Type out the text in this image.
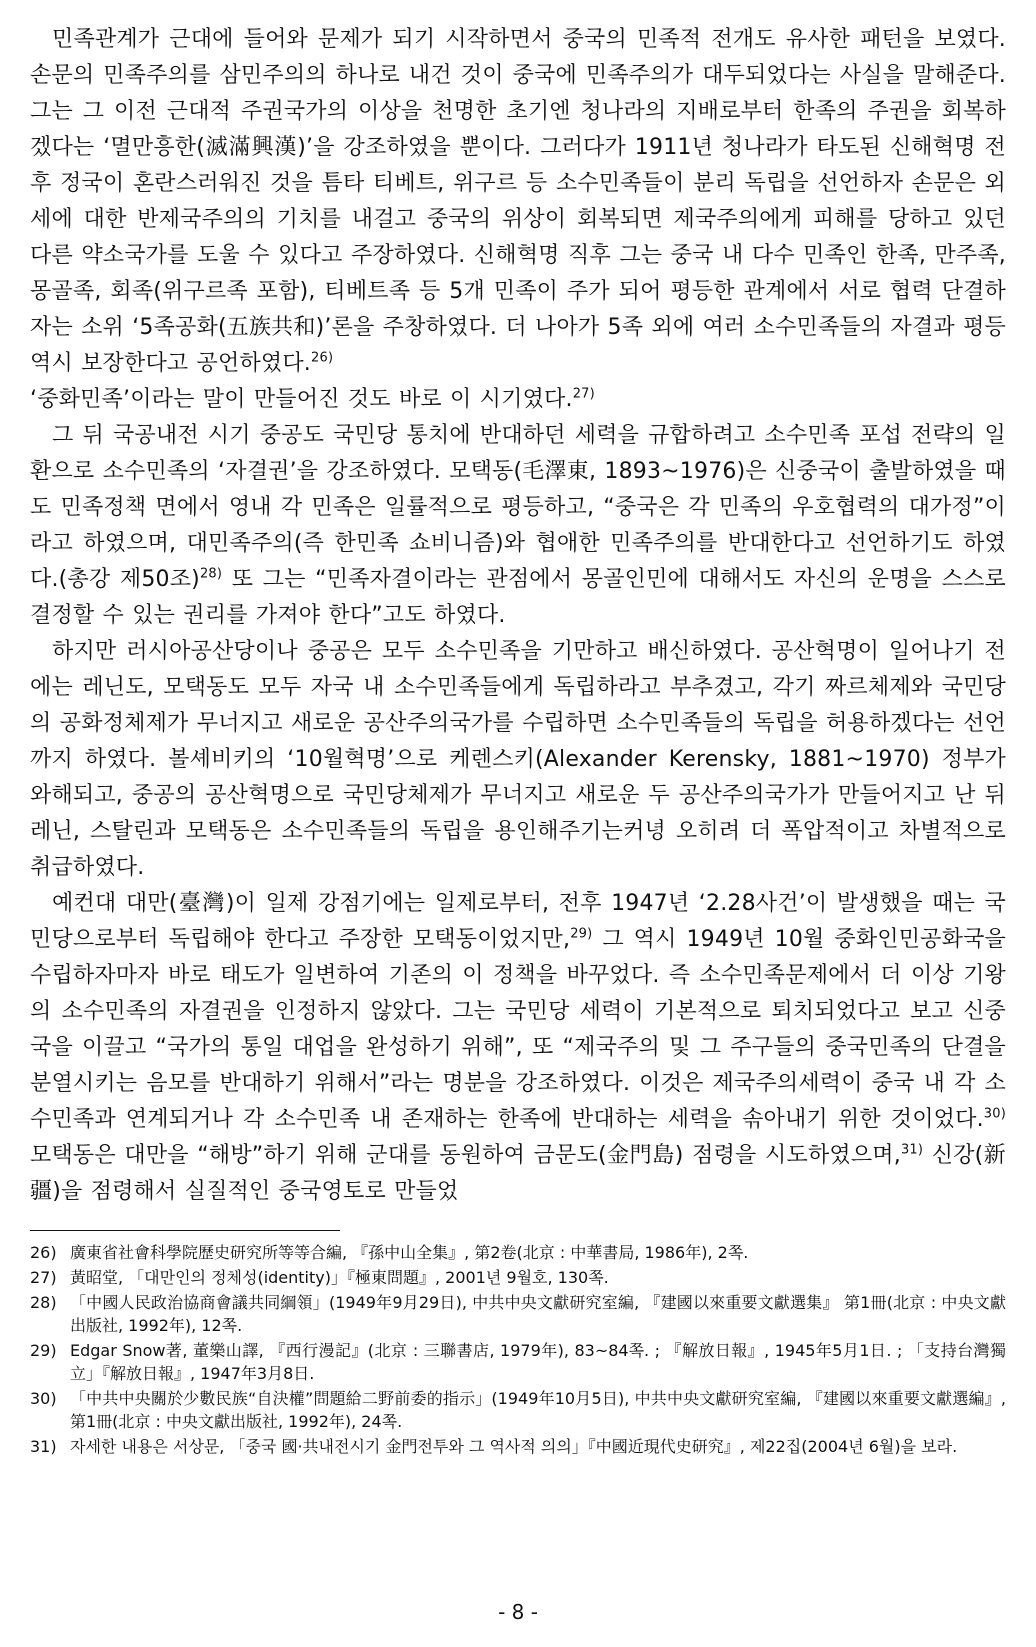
민족관계가 근대에 들어와 문제가 되기 시작하면서 중국의 민족적 전개도 유사한 패턴을 보였다. 손문의 민족주의를 삼민주의의 하나로 내건 것이 중국에 민족주의가 대두되었다는 사실을 말해준다. 그는 그 이전 근대적 주권국가의 이상을 천명한 초기엔 청나라의 지배로부터 한족의 주권을 회복하겠다는 ‘멸만흥한(滅滿興漢)’을 강조하였을 뿐이다. 그러다가 1911년 청나라가 타도된 신해혁명 전후 정국이 혼란스러워진 것을 틈타 티베트, 위구르 등 소수민족들이 분리 독립을 선언하자 손문은 외세에 대한 반제국주의의 기치를 내걸고 중국의 위상이 회복되면 제국주의에게 피해를 당하고 있던 다른 약소국가를 도울 수 있다고 주장하였다. 신해혁명 직후 그는 중국 내 다수 민족인 한족, 만주족, 몽골족, 회족(위구르족 포함), 티베트족 등 5개 민족이 주가 되어 평등한 관계에서 서로 협력 단결하자는 소위 ‘5족공화(五族共和)’론을 주창하였다. 더 나아가 5족 외에 여러 소수민족들의 자결과 평등 역시 보장한다고 공언하였다.$^{26)}$

‘중화민족’이라는 말이 만들어진 것도 바로 이 시기였다.$^{27)}$

그 뒤 국공내전 시기 중공도 국민당 통치에 반대하던 세력을 규합하려고 소수민족 포섭 전략의 일환으로 소수민족의 ‘자결권’을 강조하였다. 모택동(毛澤東, 1893~1976)은 신중국이 출발하였을 때도 민족정책 면에서 영내 각 민족은 일률적으로 평등하고, “중국은 각 민족의 우호협력의 대가정”이라고 하였으며, 대민족주의(즉 한민족 쇼비니즘)와 협애한 민족주의를 반대한다고 선언하기도 하였다.(총강 제50조)$^{28)}$ 또 그는 “민족자결이라는 관점에서 몽골인민에 대해서도 자신의 운명을 스스로 결정할 수 있는 권리를 가져야 한다”고도 하였다.

하지만 러시아공산당이나 중공은 모두 소수민족을 기만하고 배신하였다. 공산혁명이 일어나기 전에는 레닌도, 모택동도 모두 자국 내 소수민족들에게 독립하라고 부추겼고, 각기 짜르체제와 국민당의 공화정체제가 무너지고 새로운 공산주의국가를 수립하면 소수민족들의 독립을 허용하겠다는 선언까지 하였다. 볼셰비키의 ‘10월혁명’으로 케렌스키(Alexander Kerensky, 1881~1970) 정부가 와해되고, 중공의 공산혁명으로 국민당체제가 무너지고 새로운 두 공산주의국가가 만들어지고 난 뒤 레닌, 스탈린과 모택동은 소수민족들의 독립을 용인해주기는커녕 오히려 더 폭압적이고 차별적으로 취급하였다.

예컨대 대만(臺灣)이 일제 강점기에는 일제로부터, 전후 1947년 ‘2.28사건’이 발생했을 때는 국민당으로부터 독립해야 한다고 주장한 모택동이었지만,$^{29)}$ 그 역시 1949년 10월 중화인민공화국을 수립하자마자 바로 태도가 일변하여 기존의 이 정책을 바꾸었다. 즉 소수민족문제에서 더 이상 기왕의 소수민족의 자결권을 인정하지 않았다. 그는 국민당 세력이 기본적으로 퇴치되었다고 보고 신중국을 이끌고 “국가의 통일 대업을 완성하기 위해”, 또 “제국주의 및 그 주구들의 중국민족의 단결을 분열시키는 음모를 반대하기 위해서”라는 명분을 강조하였다. 이것은 제국주의세력이 중국 내 각 소수민족과 연계되거나 각 소수민족 내 존재하는 한족에 반대하는 세력을 솎아내기 위한 것이었다.$^{30)}$ 모택동은 대만을 “해방”하기 위해 군대를 동원하여 금문도(金門島) 점령을 시도하였으며,$^{31)}$ 신강(新疆)을 점령해서 실질적인 중국영토로 만들었

26) 廣東省社會科學院歷史研究所等等合編, 『孫中山全集』, 第2卷(北京 : 中華書局, 1986年), 2쪽.
27) 黃昭堂, 「대만인의 정체성(identity)」『極東問題』, 2001년 9월호, 130쪽.
28) 「中國人民政治協商會議共同綱領」(1949年9月29日), 中共中央文獻研究室編, 『建國以來重要文獻選集』 第1冊(北京 : 中央文獻出版社, 1992年), 12쪽.
29) Edgar Snow著, 董樂山譯, 『西行漫記』(北京 : 三聯書店, 1979年), 83~84쪽. ; 『解放日報』, 1945年5月1日. ; 「支持台灣獨立」『解放日報』, 1947年3月8日.
30) 「中共中央關於少數民族“自決權”問題給二野前委的指示」(1949年10月5日), 中共中央文獻研究室編, 『建國以來重要文獻選編』, 第1冊(北京 : 中央文獻出版社, 1992年), 24쪽.
31) 자세한 내용은 서상문, 「중국 國·共내전시기 金門전투와 그 역사적 의의」『中國近現代史研究』, 제22집(2004년 6월)을 보라.
- 8 -
